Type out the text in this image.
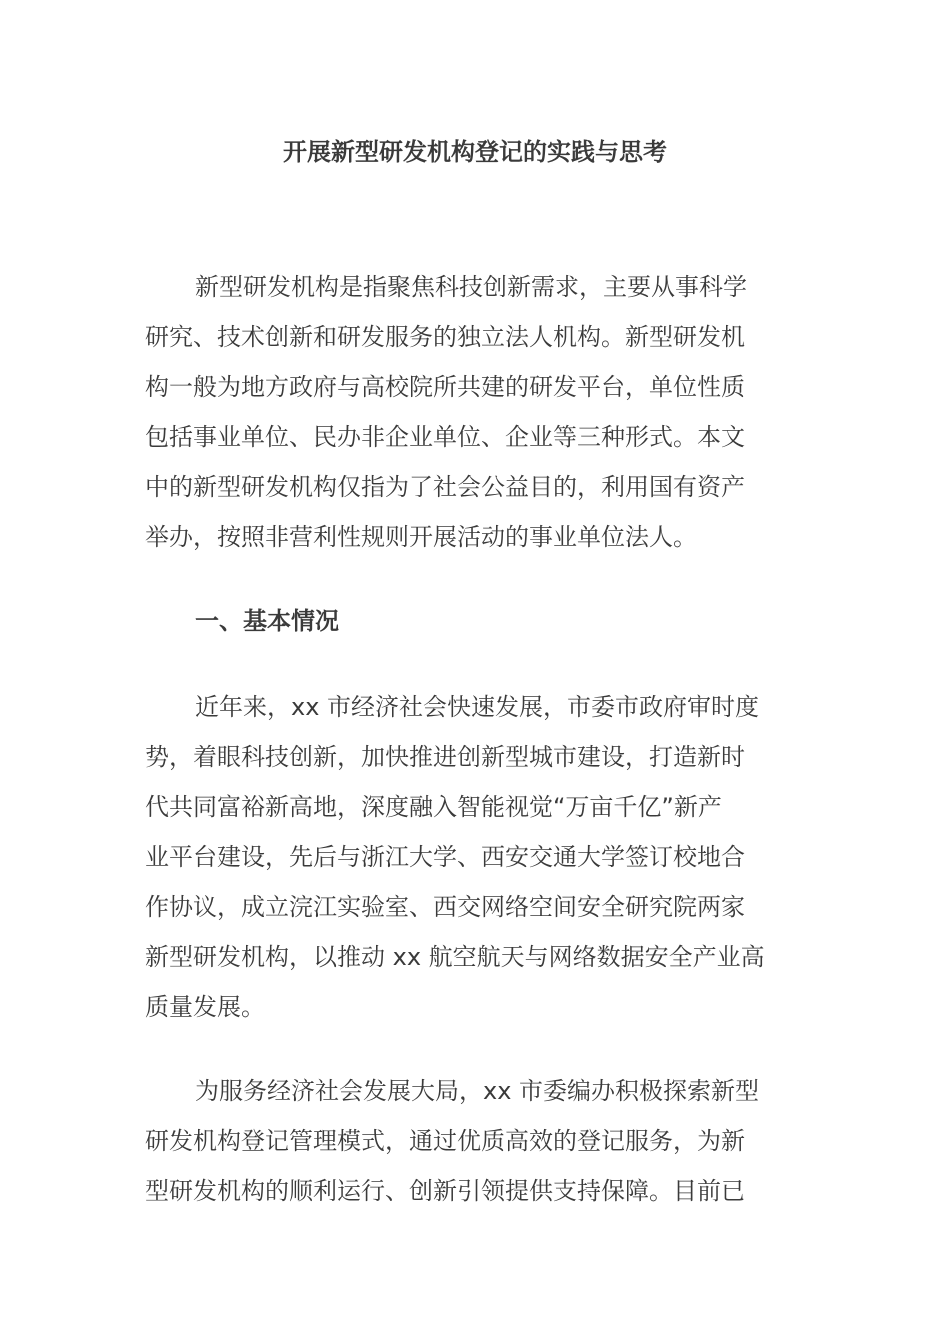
开展新型研发机构登记的实践与思考
新型研发机构是指聚焦科技创新需求，主要从事科学
研究、技术创新和研发服务的独立法人机构。新型研发机
构一般为地方政府与高校院所共建的研发平台，单位性质
包括事业单位、民办非企业单位、企业等三种形式。本文
中的新型研发机构仅指为了社会公益目的，利用国有资产
举办，按照非营利性规则开展活动的事业单位法人。
一、基本情况
近年来，xx 市经济社会快速发展，市委市政府审时度
势，着眼科技创新，加快推进创新型城市建设，打造新时
代共同富裕新高地，深度融入智能视觉“万亩千亿”新产
业平台建设，先后与浙江大学、西安交通大学签订校地合
作协议，成立浣江实验室、西交网络空间安全研究院两家
新型研发机构，以推动 xx 航空航天与网络数据安全产业高
质量发展。
为服务经济社会发展大局，xx 市委编办积极探索新型
研发机构登记管理模式，通过优质高效的登记服务，为新
型研发机构的顺利运行、创新引领提供支持保障。目前已
